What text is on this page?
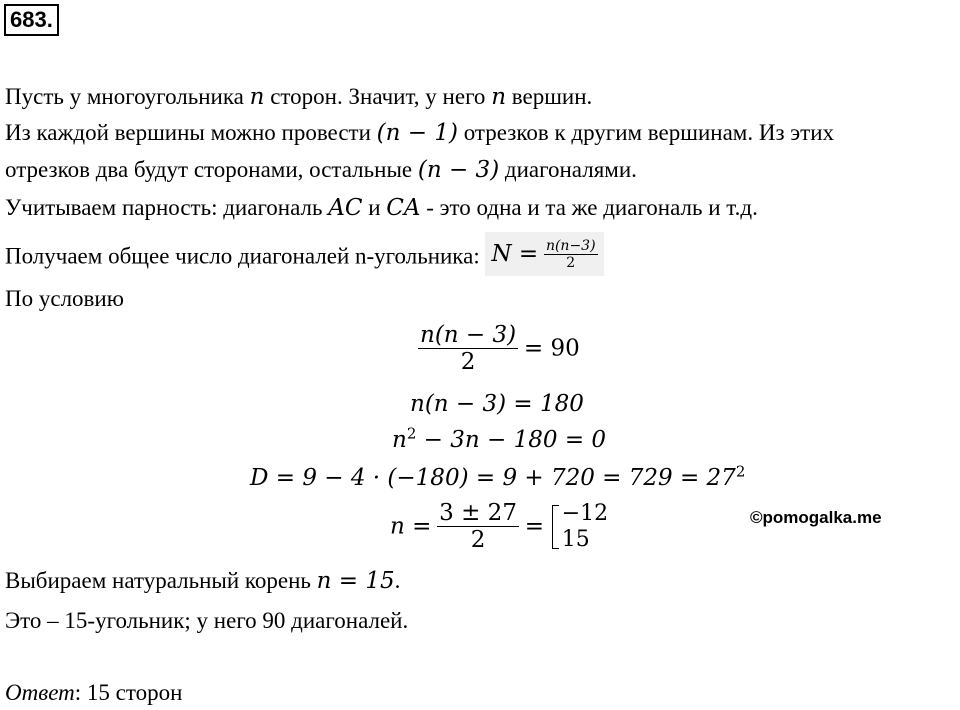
683.
Пусть у многоугольника n сторон. Значит, у него n вершин.
Из каждой вершины можно провести (n − 1) отрезков к другим вершинам. Из этих
отрезков два будут сторонами, остальные (n − 3) диагоналями.
Учитываем парность: диагональ AC и CA - это одна и та же диагональ и т.д.
Получаем общее число диагоналей n-угольника: $N = \frac{n(n-3)}{2}$
По условию
$\frac{n(n - 3)}{2} = 90$
n(n − 3) = 180
$n^2 - 3n - 180 = 0$
$D = 9 - 4 \cdot (-180) = 9 + 720 = 729 = 27^2$
$n = \frac{3 \pm 27}{2}$ =
−12
15
©pomogalka.me
Выбираем натуральный корень n = 15.
Это – 15-угольник; у него 90 диагоналей.
Ответ: 15 сторон
